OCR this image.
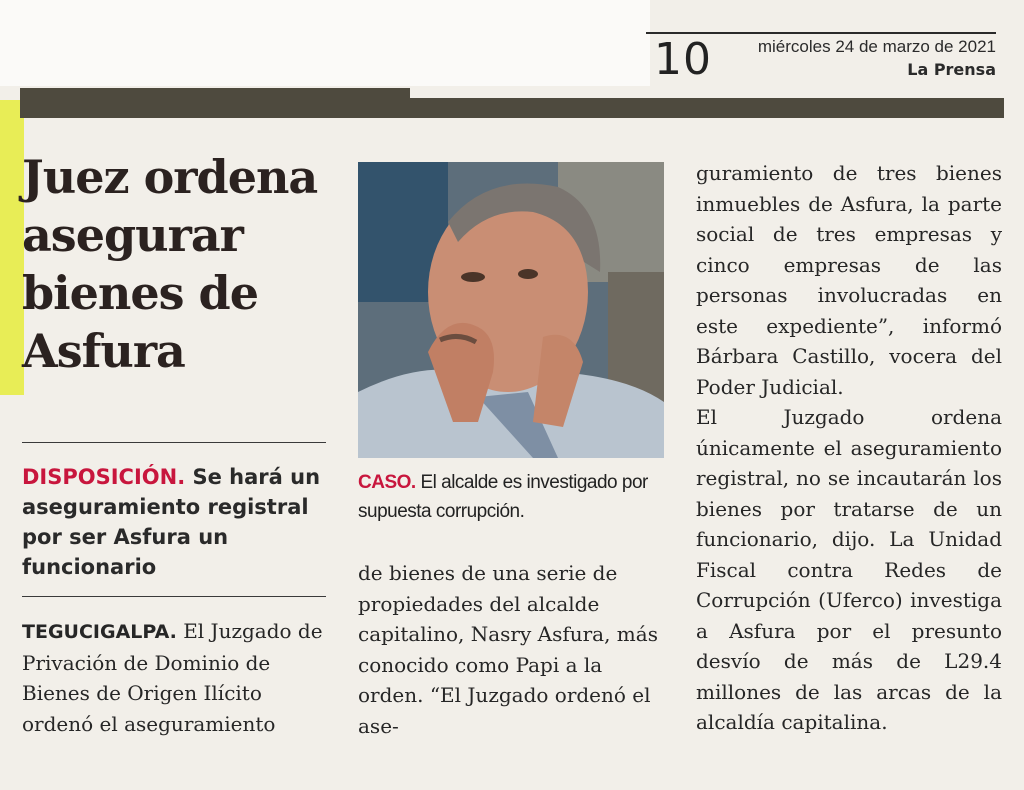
10	miércoles 24 de marzo de 2021
La Prensa
Juez ordena asegurar bienes de Asfura
DISPOSICIÓN. Se hará un aseguramiento registral por ser Asfura un funcionario
TEGUCIGALPA. El Juzgado de Privación de Dominio de Bienes de Origen Ilícito ordenó el aseguramiento
CASO. El alcalde es investigado por supuesta corrupción.
de bienes de una serie de propiedades del alcalde capitalino, Nasry Asfura, más conocido como Papi a la orden. “El Juzgado ordenó el ase-
guramiento de tres bienes inmuebles de Asfura, la parte social de tres empresas y cinco empresas de las personas involucradas en este expediente”, informó Bárbara Castillo, vocera del Poder Judicial.
El Juzgado ordena únicamente el aseguramiento registral, no se incautarán los bienes por tratarse de un funcionario, dijo. La Unidad Fiscal contra Redes de Corrupción (Uferco) investiga a Asfura por el presunto desvío de más de L29.4 millones de las arcas de la alcaldía capitalina.
